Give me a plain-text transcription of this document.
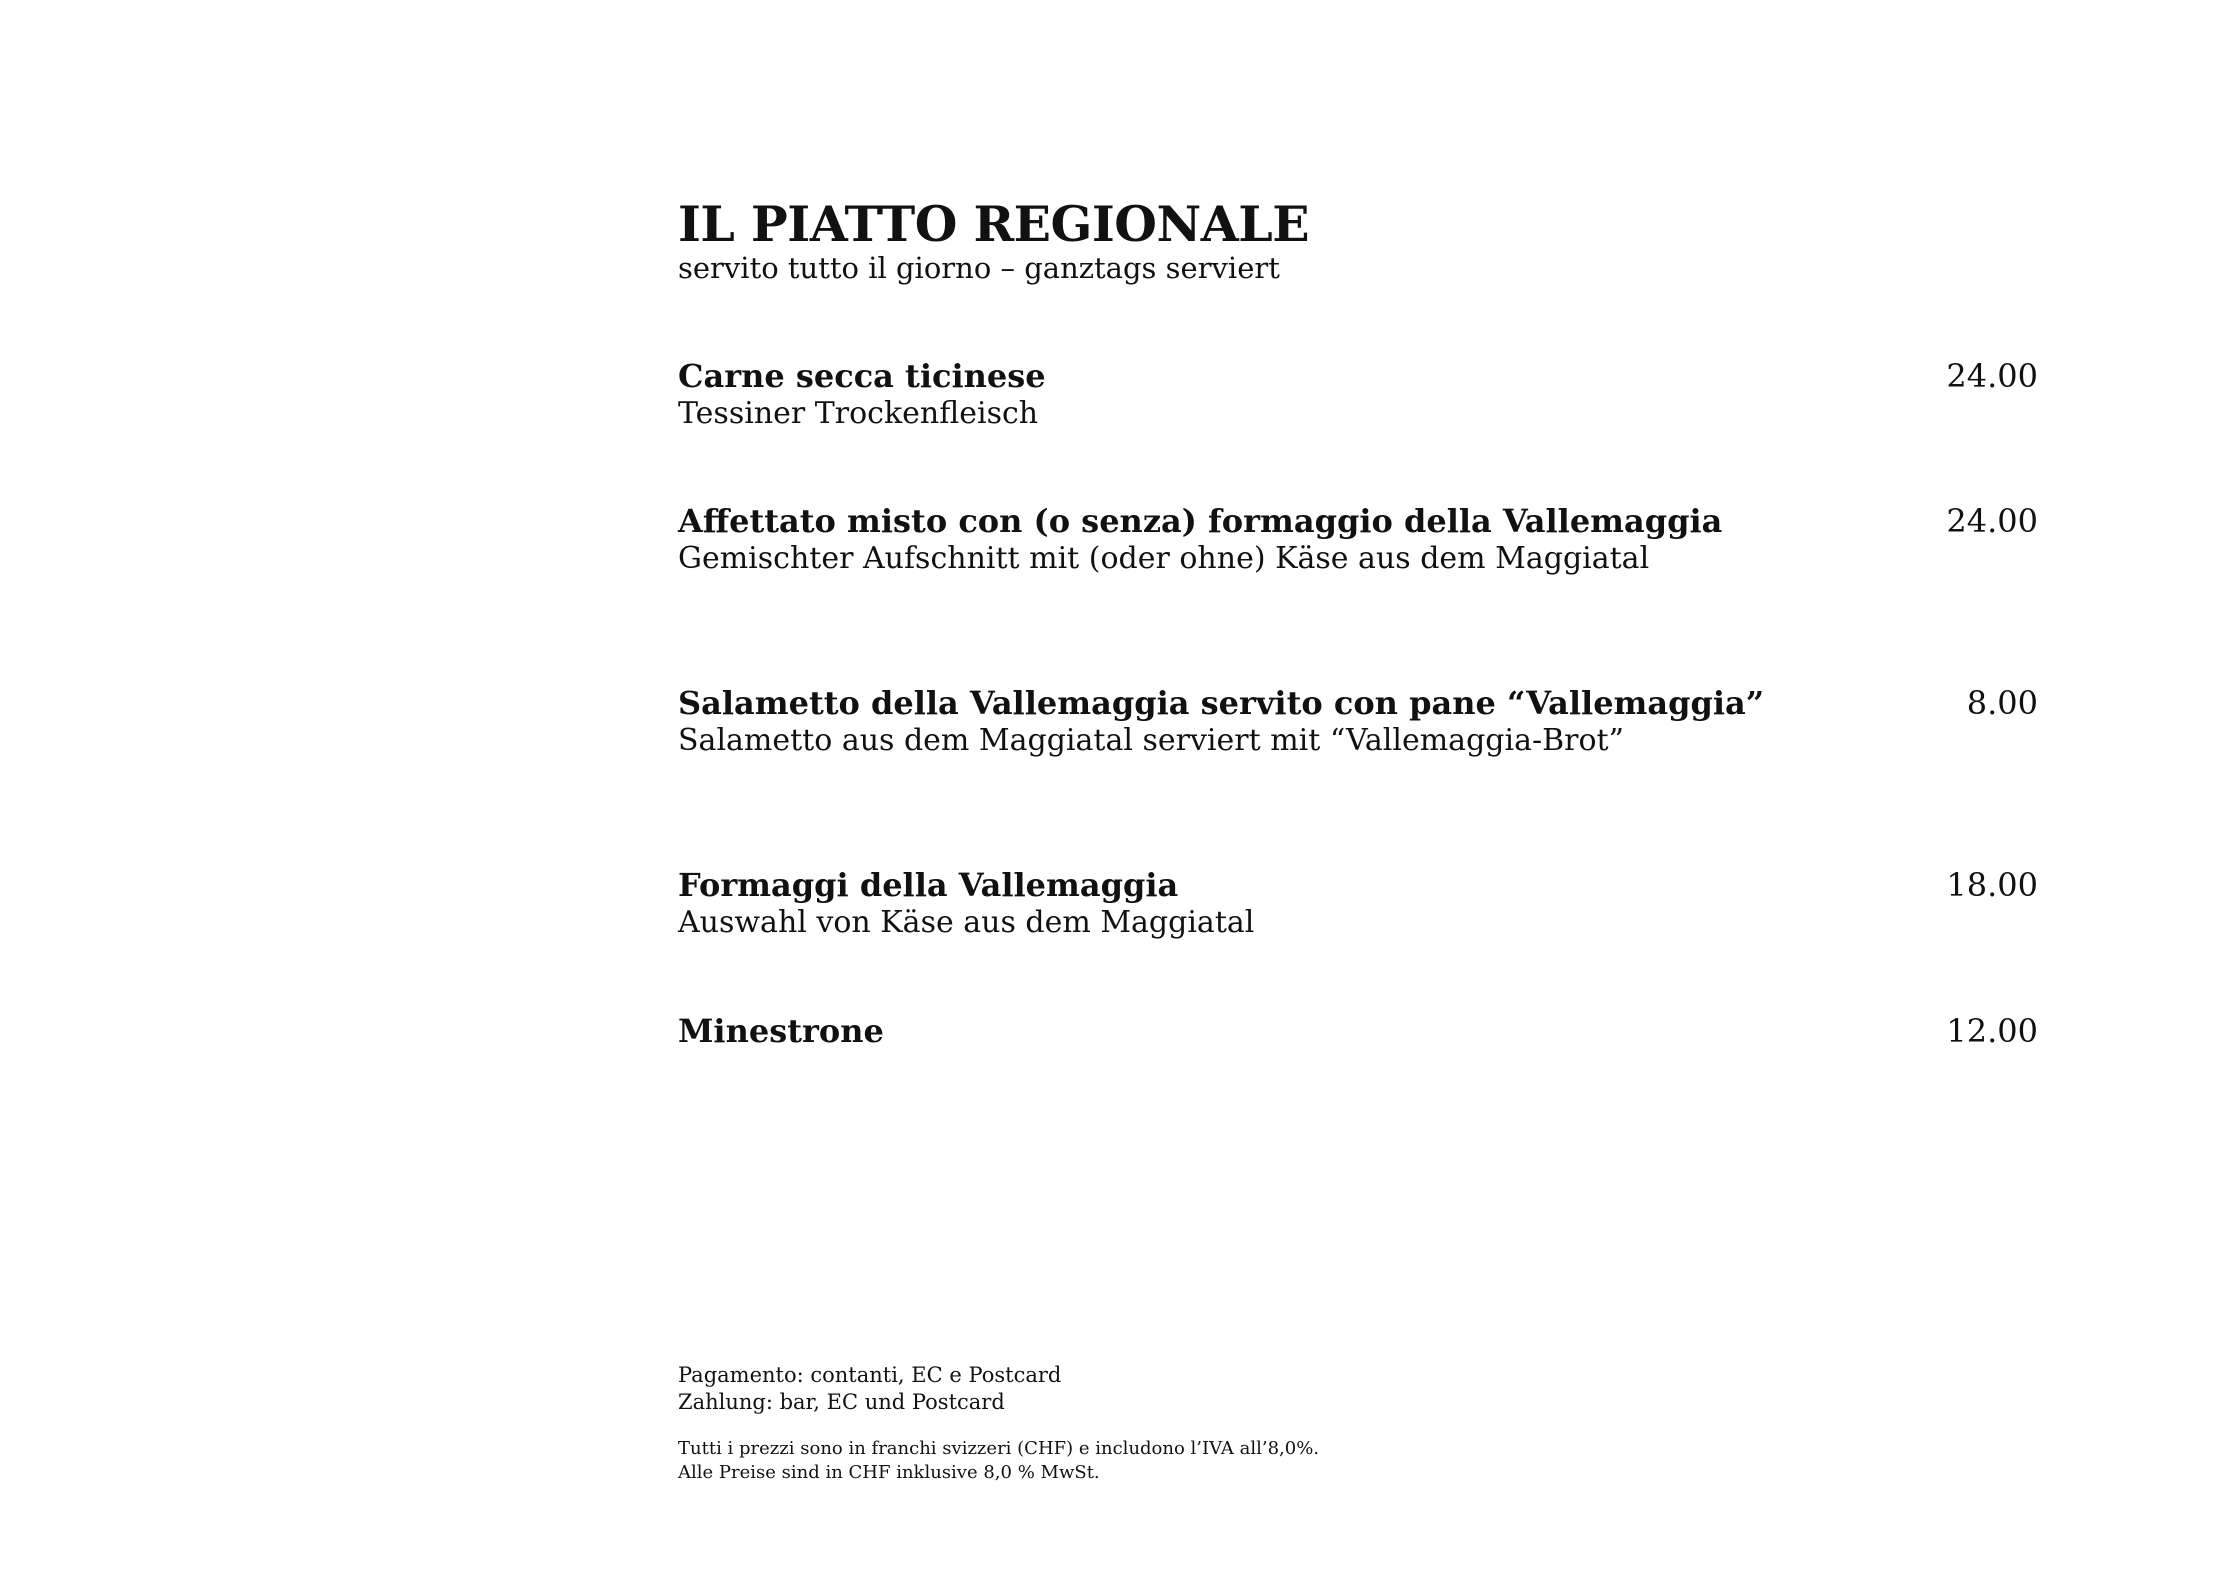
IL PIATTO REGIONALE

servito tutto il giorno – ganztags serviert

Carne secca ticinese
Tessiner Trockenfleisch
24.00
Affettato misto con (o senza) formaggio della Vallemaggia
Gemischter Aufschnitt mit (oder ohne) Käse aus dem Maggiatal
24.00
Salametto della Vallemaggia servito con pane “Vallemaggia”
Salametto aus dem Maggiatal serviert mit “Vallemaggia-Brot”
8.00
Formaggi della Vallemaggia
Auswahl von Käse aus dem Maggiatal
18.00
Minestrone	12.00
Pagamento: contanti, EC e Postcard
Zahlung: bar, EC und Postcard
Tutti i prezzi sono in franchi svizzeri (CHF) e includono l’IVA all’8,0%.
Alle Preise sind in CHF inklusive 8,0 % MwSt.
